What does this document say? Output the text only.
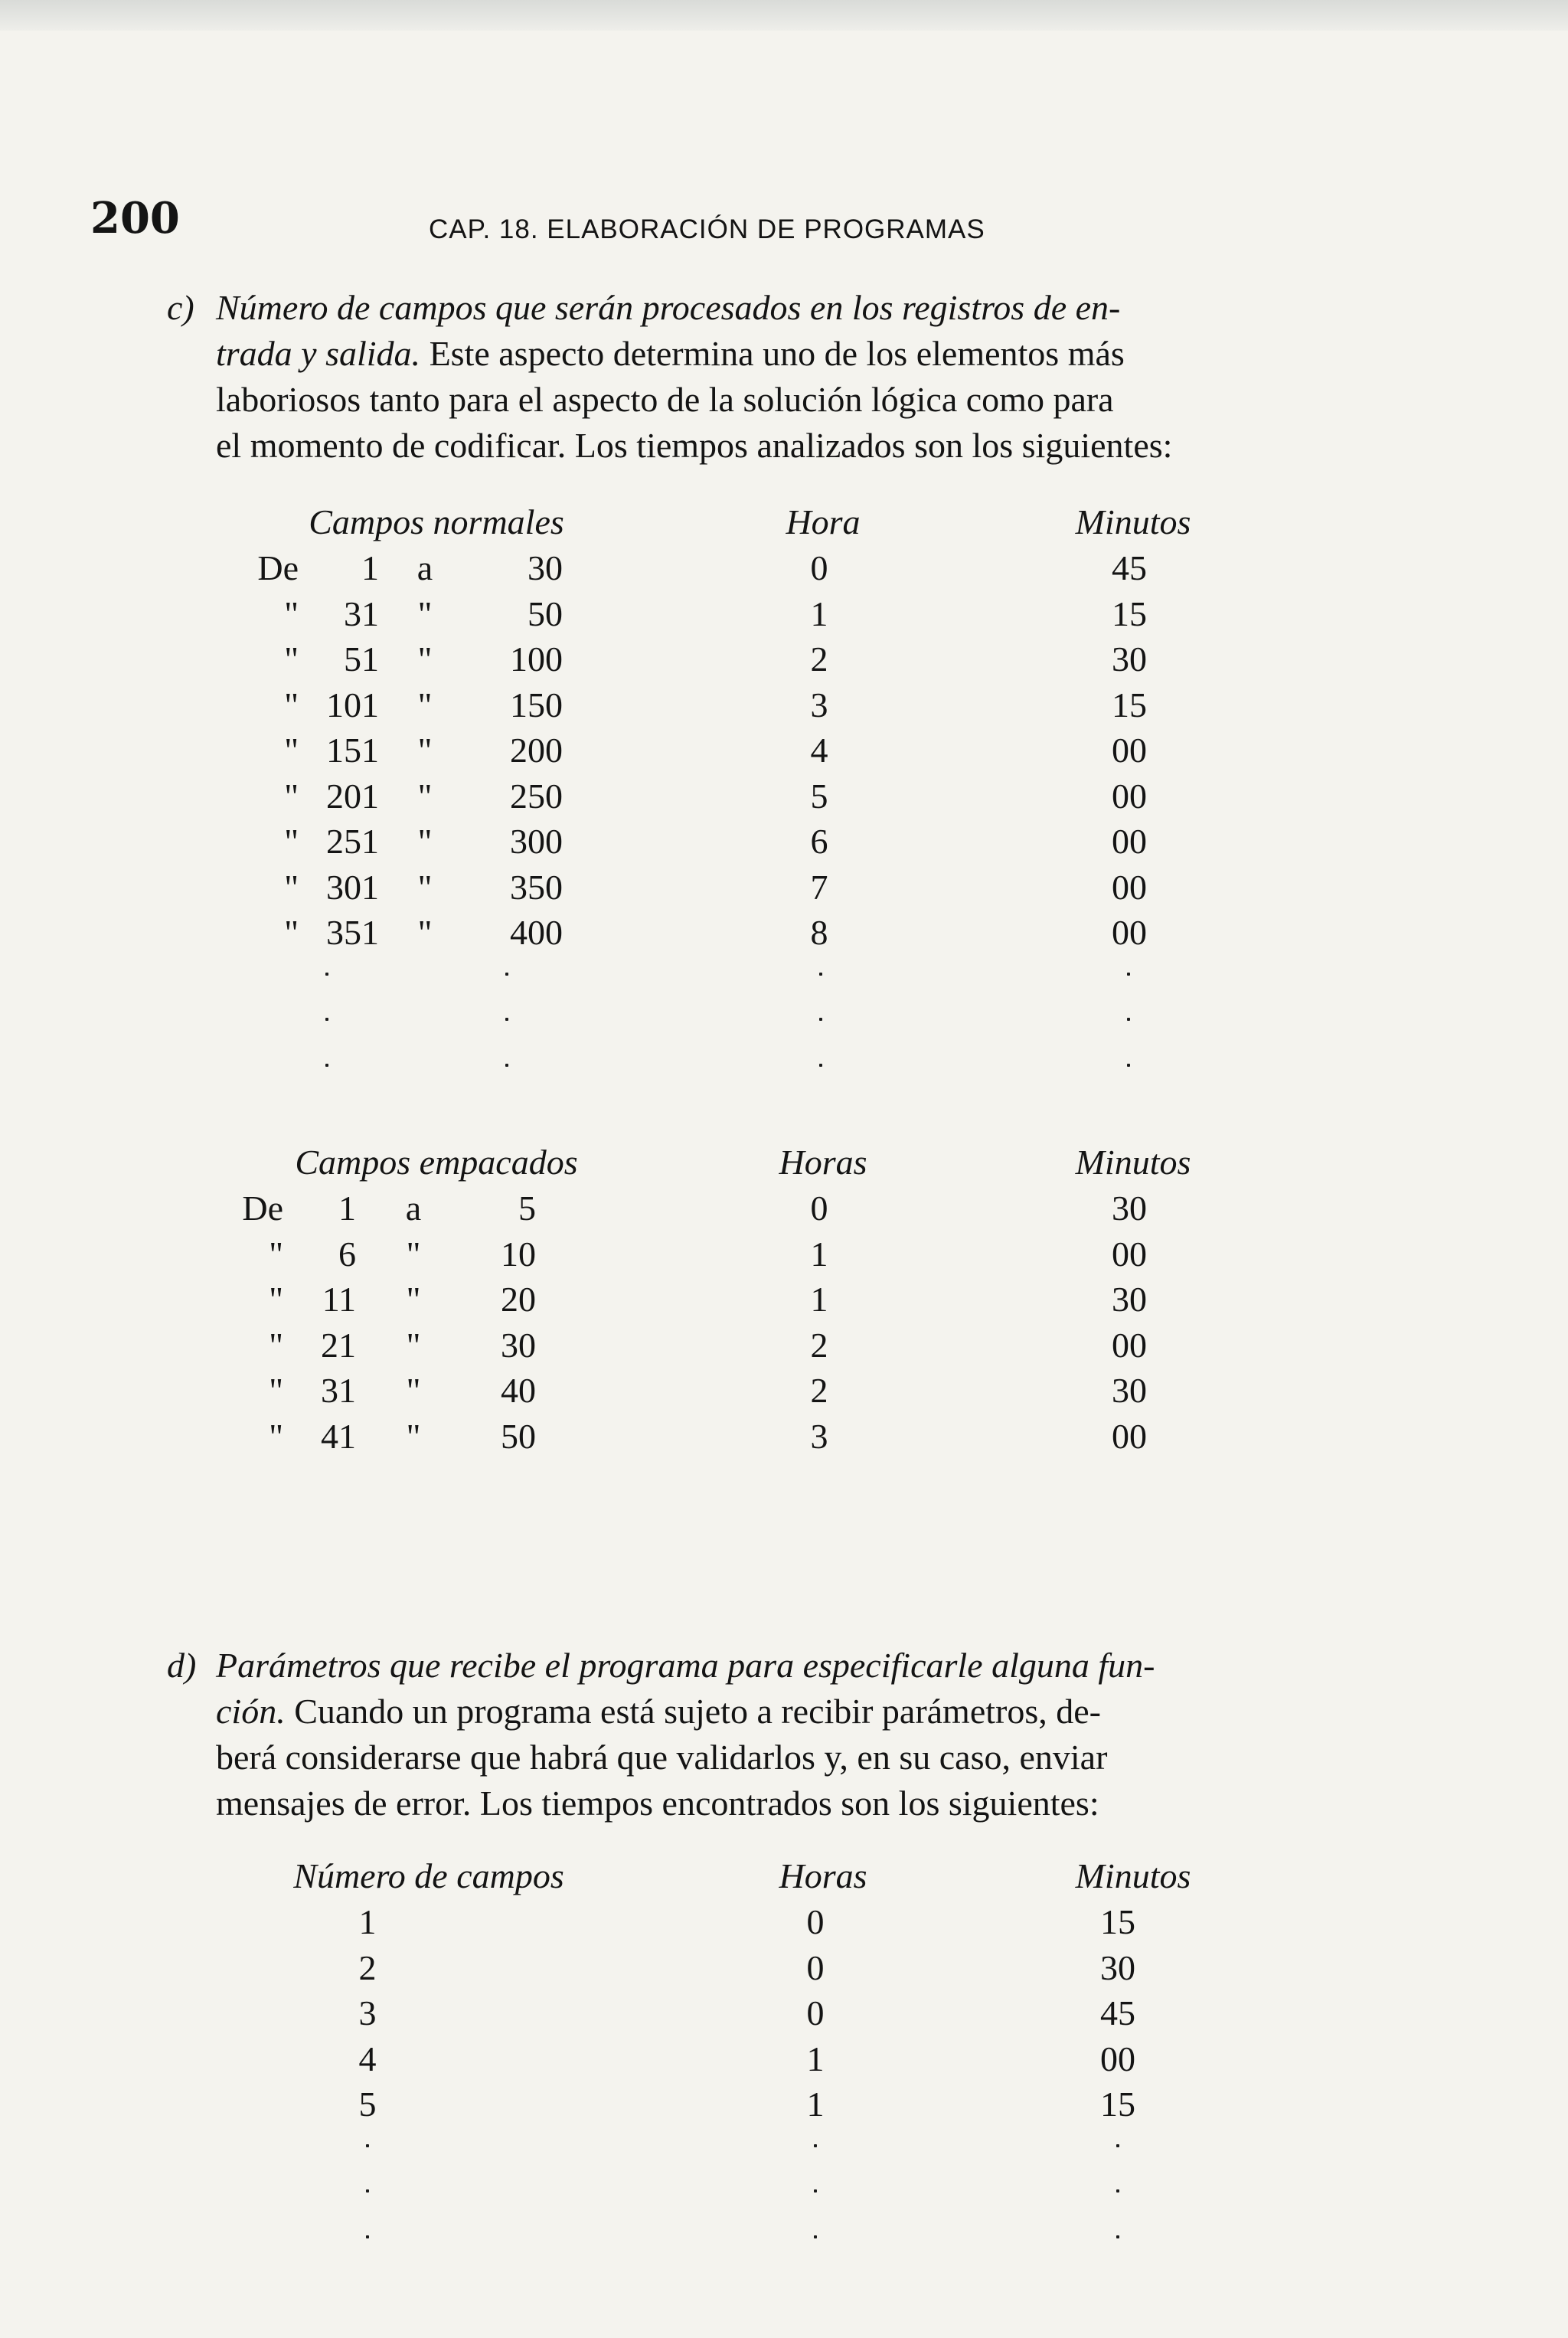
200	CAP. 18. ELABORACIÓN DE PROGRAMAS
c) Número de campos que serán procesados en los registros de en-
trada y salida. Este aspecto determina uno de los elementos más
laboriosos tanto para el aspecto de la solución lógica como para
el momento de codificar. Los tiempos analizados son los siguientes:
Campos normales	Hora	Minutos
De	1	a	30	0	45
"	31	"	50	1	15
"	51	"	100	2	30
" 101	"	150	3	15
" 151	"	200	4	00
" 201	"	250	5	00
" 251	"	300	6	00
" 301	"	350	7	00
" 351	"	400	8	00
Campos empacados	Horas	Minutos
De	1	a	5	0	30
"	6	"	10	1	00
"	11	"	20	1	30
"	21	"	30	2	00
"	31	"	40	2	30
"	41	"	50	3	00
d) Parámetros que recibe el programa para especificarle alguna fun-
ción. Cuando un programa está sujeto a recibir parámetros, de-
berá considerarse que habrá que validarlos y, en su caso, enviar
mensajes de error. Los tiempos encontrados son los siguientes:
Número de campos	Horas	Minutos
1	0	15
2	0	30
3	0	45
4	1	00
5	1	15
